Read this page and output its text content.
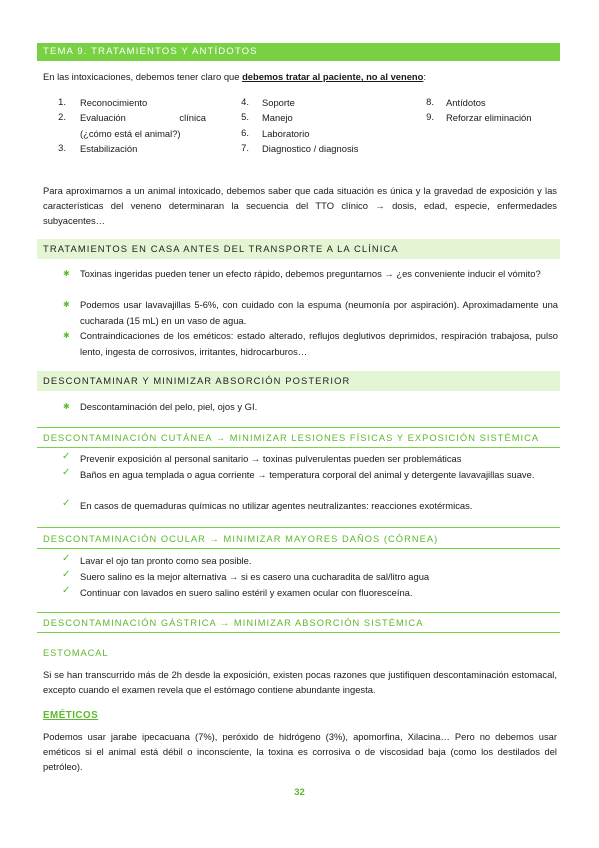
TEMA 9. TRATAMIENTOS Y ANTÍDOTOS
En las intoxicaciones, debemos tener claro que debemos tratar al paciente, no al veneno:
1. Reconocimiento
2. Evaluación clínica
(¿cómo está el animal?)
3. Estabilización
4. Soporte
5. Manejo
6. Laboratorio
7. Diagnostico / diagnosis
8. Antídotos
9. Reforzar eliminación
Para aproximarnos a un animal intoxicado, debemos saber que cada situación es única y la gravedad de exposición y las características del veneno determinaran la secuencia del TTO clínico → dosis, edad, especie, enfermedades subyacentes…
TRATAMIENTOS EN CASA ANTES DEL TRANSPORTE A LA CLÍNICA
✱ Toxinas ingeridas pueden tener un efecto rápido, debemos preguntarnos → ¿es conveniente inducir el vómito?
✱ Podemos usar lavavajillas 5-6%, con cuidado con la espuma (neumonía por aspiración). Aproximadamente una cucharada (15 mL) en un vaso de agua.
✱ Contraindicaciones de los eméticos: estado alterado, reflujos deglutivos deprimidos, respiración trabajosa, pulso lento, ingesta de corrosivos, irritantes, hidrocarburos…
DESCONTAMINAR Y MINIMIZAR ABSORCIÓN POSTERIOR
✱ Descontaminación del pelo, piel, ojos y GI.
DESCONTAMINACIÓN CUTÁNEA → MINIMIZAR LESIONES FÍSICAS Y EXPOSICIÓN SISTÉMICA
✓ Prevenir exposición al personal sanitario → toxinas pulverulentas pueden ser problemáticas
✓ Baños en agua templada o agua corriente → temperatura corporal del animal y detergente lavavajillas suave.
✓ En casos de quemaduras químicas no utilizar agentes neutralizantes: reacciones exotérmicas.
DESCONTAMINACIÓN OCULAR → MINIMIZAR MAYORES DAÑOS (CÓRNEA)
✓ Lavar el ojo tan pronto como sea posible.
✓ Suero salino es la mejor alternativa → si es casero una cucharadita de sal/litro agua
✓ Continuar con lavados en suero salino estéril y examen ocular con fluoresceína.
DESCONTAMINACIÓN GÁSTRICA → MINIMIZAR ABSORCIÓN SISTÉMICA
ESTOMACAL
Si se han transcurrido más de 2h desde la exposición, existen pocas razones que justifiquen descontaminación estomacal, excepto cuando el examen revela que el estómago contiene abundante ingesta.
EMÉTICOS
Podemos usar jarabe ipecacuana (7%), peróxido de hidrógeno (3%), apomorfina, Xilacina… Pero no debemos usar eméticos si el animal está débil o inconsciente, la toxina es corrosiva o de viscosidad baja (como los destilados del petróleo).
32
